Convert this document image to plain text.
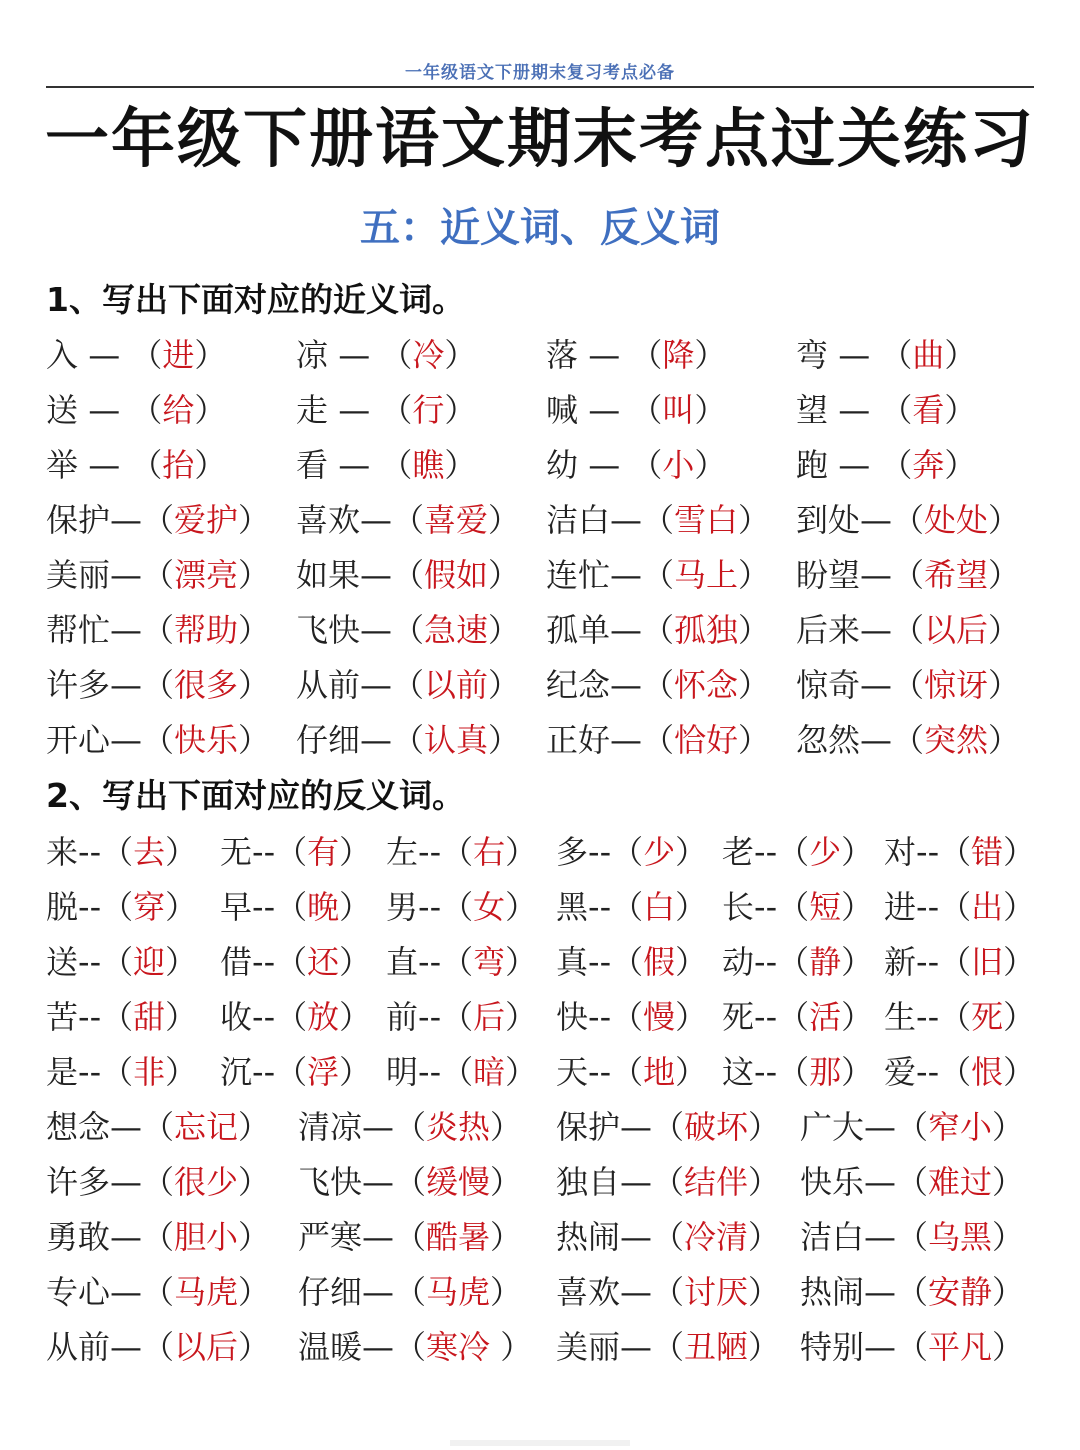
一年级语文下册期末复习考点必备
一年级下册语文期末考点过关练习
五：近义词、反义词
1、写出下面对应的近义词。
入 — （进） 凉 — （冷） 落 — （降） 弯 — （曲）
送 — （给） 走 — （行） 喊 — （叫） 望 — （看）
举 — （抬） 看 — （瞧） 幼 — （小） 跑 — （奔）
保护—（爱护） 喜欢—（喜爱） 洁白—（雪白） 到处—（处处）
美丽—（漂亮） 如果—（假如） 连忙—（马上） 盼望—（希望）
帮忙—（帮助） 飞快—（急速） 孤单—（孤独） 后来—（以后）
许多—（很多） 从前—（以前） 纪念—（怀念） 惊奇—（惊讶）
开心—（快乐） 仔细—（认真） 正好—（恰好） 忽然—（突然）
2、写出下面对应的反义词。
来--（去） 无--（有） 左--（右） 多--（少） 老--（少） 对--（错）
脱--（穿） 早--（晚） 男--（女） 黑--（白） 长--（短） 进--（出）
送--（迎） 借--（还） 直--（弯） 真--（假） 动--（静） 新--（旧）
苦--（甜） 收--（放） 前--（后） 快--（慢） 死--（活） 生--（死）
是--（非） 沉--（浮） 明--（暗） 天--（地） 这--（那） 爱--（恨）
想念—（忘记） 清凉—（炎热） 保护—（破坏） 广大—（窄小）
许多—（很少） 飞快—（缓慢） 独自—（结伴） 快乐—（难过）
勇敢—（胆小） 严寒—（酷暑） 热闹—（冷清） 洁白—（乌黑）
专心—（马虎） 仔细—（马虎） 喜欢—（讨厌） 热闹—（安静）
从前—（以后） 温暖—（寒冷 ） 美丽—（丑陋） 特别—（平凡）
